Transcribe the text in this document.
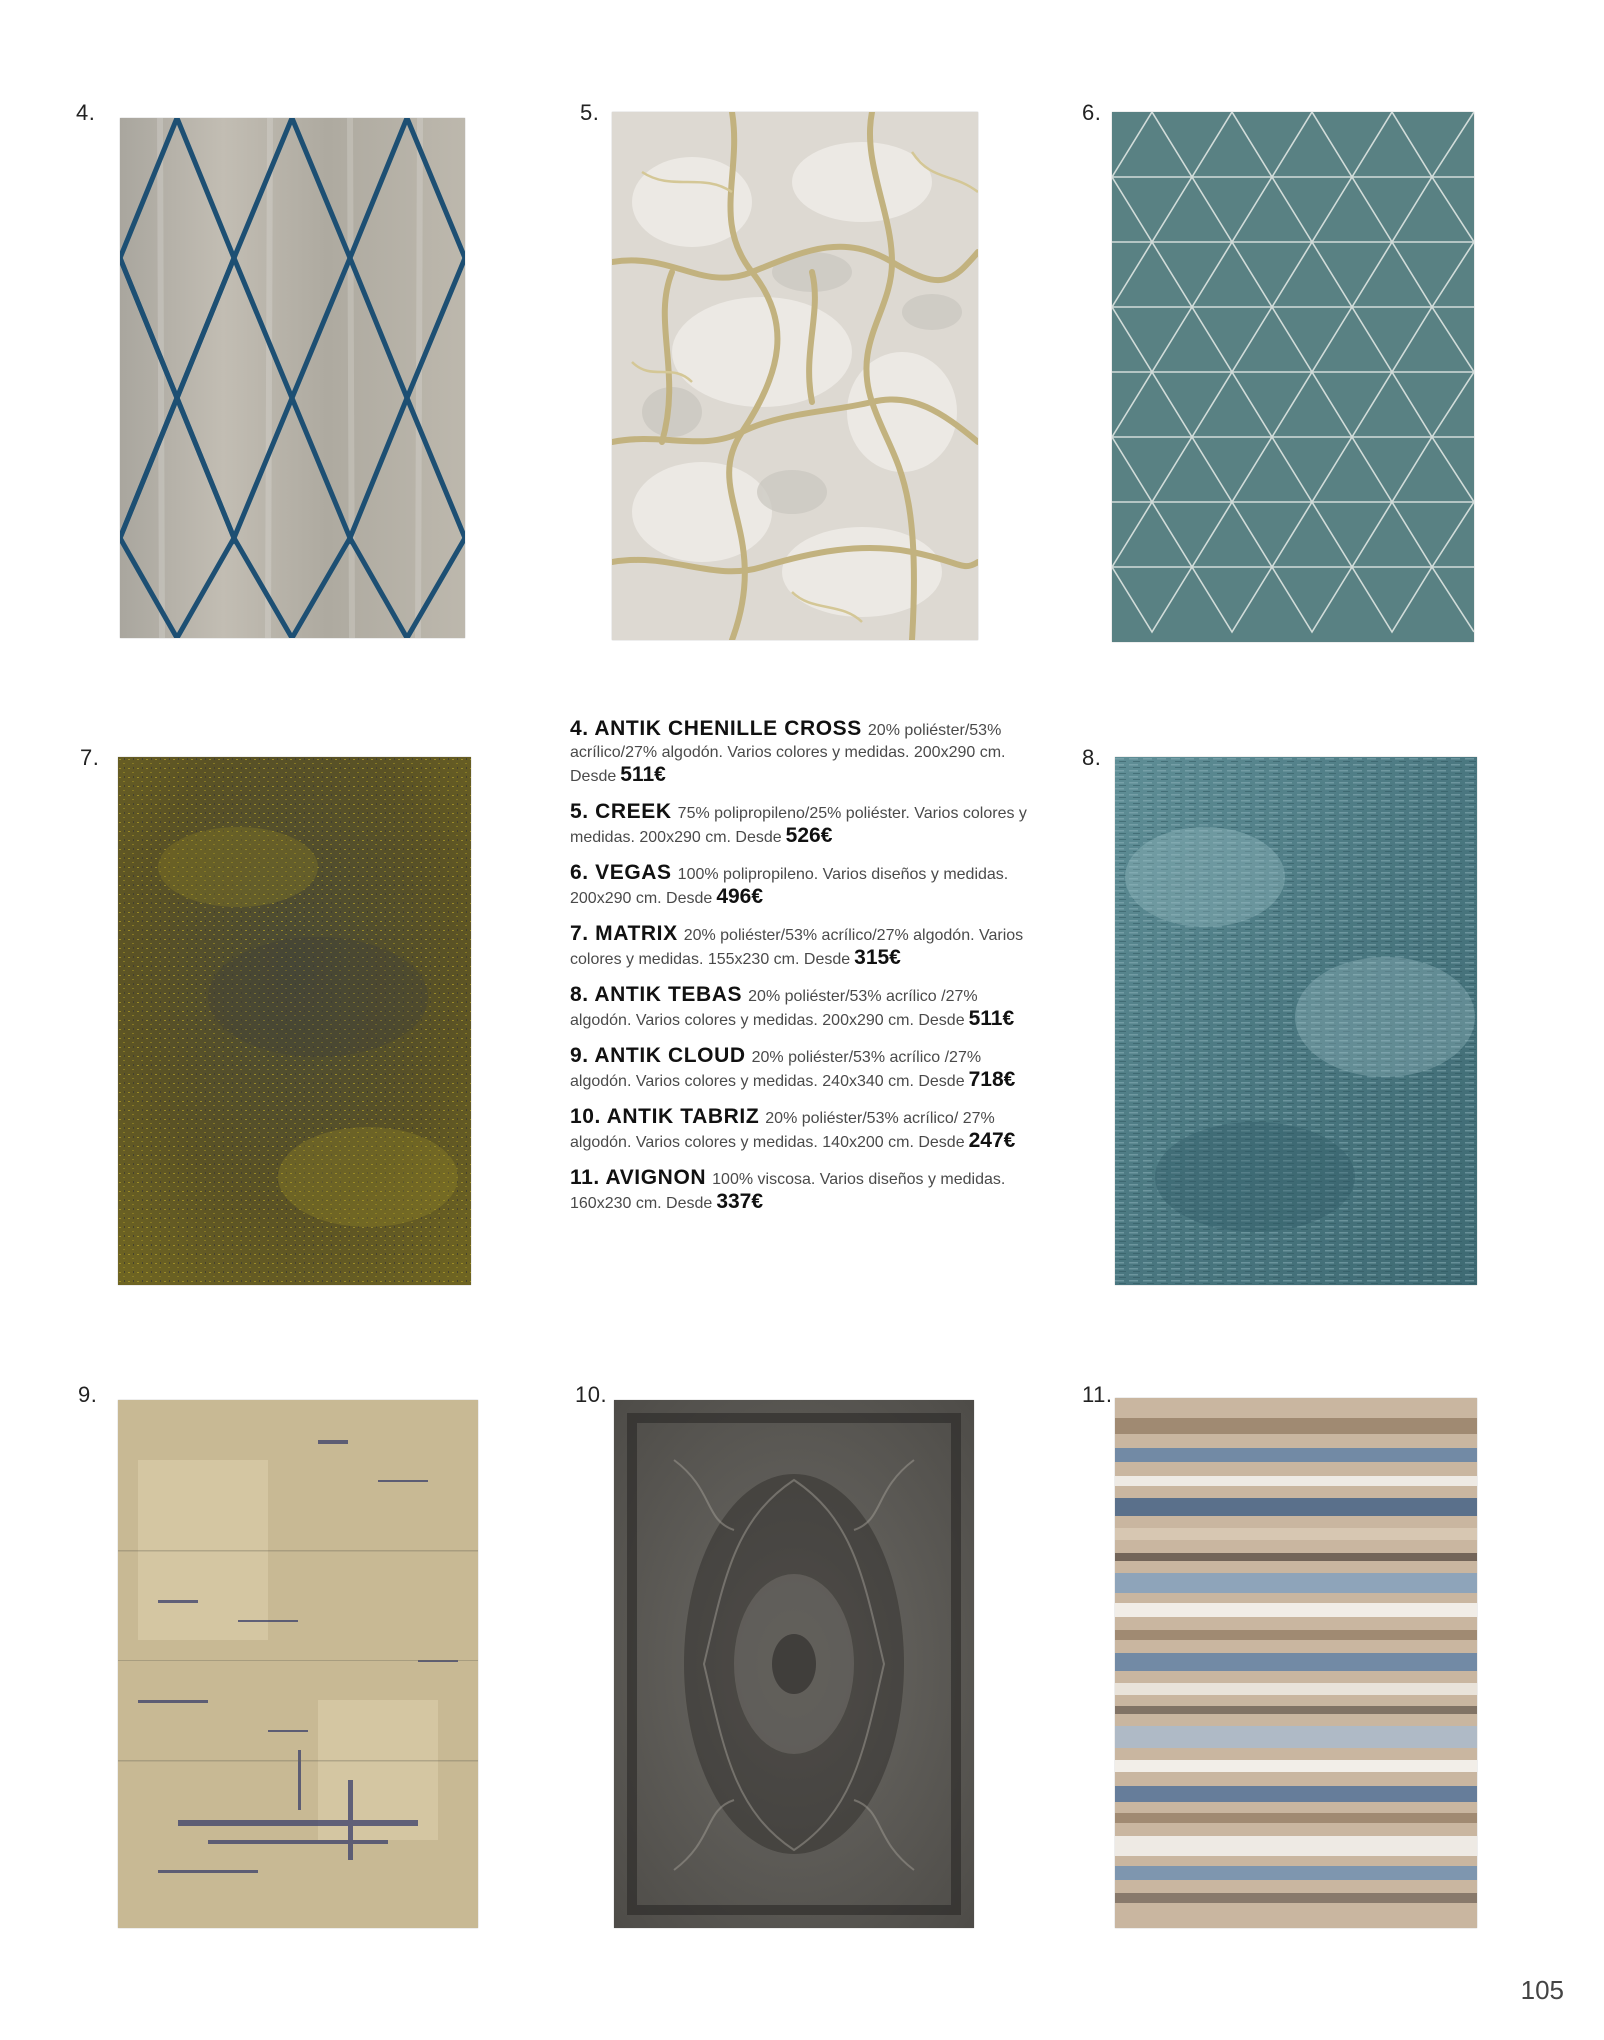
4.	5.	6.
7.	8.
9.	10.	11.
4. ANTIK CHENILLE CROSS 20% poliéster/53% acrílico/27% algodón. Varios colores y medidas. 200x290 cm. Desde 511€
5. CREEK 75% polipropileno/25% poliéster. Varios colores y medidas. 200x290 cm. Desde 526€
6. VEGAS 100% polipropileno. Varios diseños y medidas. 200x290 cm. Desde 496€
7. MATRIX 20% poliéster/53% acrílico/27% algodón. Varios colores y medidas. 155x230 cm. Desde 315€
8. ANTIK TEBAS 20% poliéster/53% acrílico /27% algodón. Varios colores y medidas. 200x290 cm. Desde 511€
9. ANTIK CLOUD 20% poliéster/53% acrílico /27% algodón. Varios colores y medidas. 240x340 cm. Desde 718€
10. ANTIK TABRIZ 20% poliéster/53% acrílico/ 27% algodón. Varios colores y medidas. 140x200 cm. Desde 247€
11. AVIGNON 100% viscosa. Varios diseños y medidas. 160x230 cm. Desde 337€
105
